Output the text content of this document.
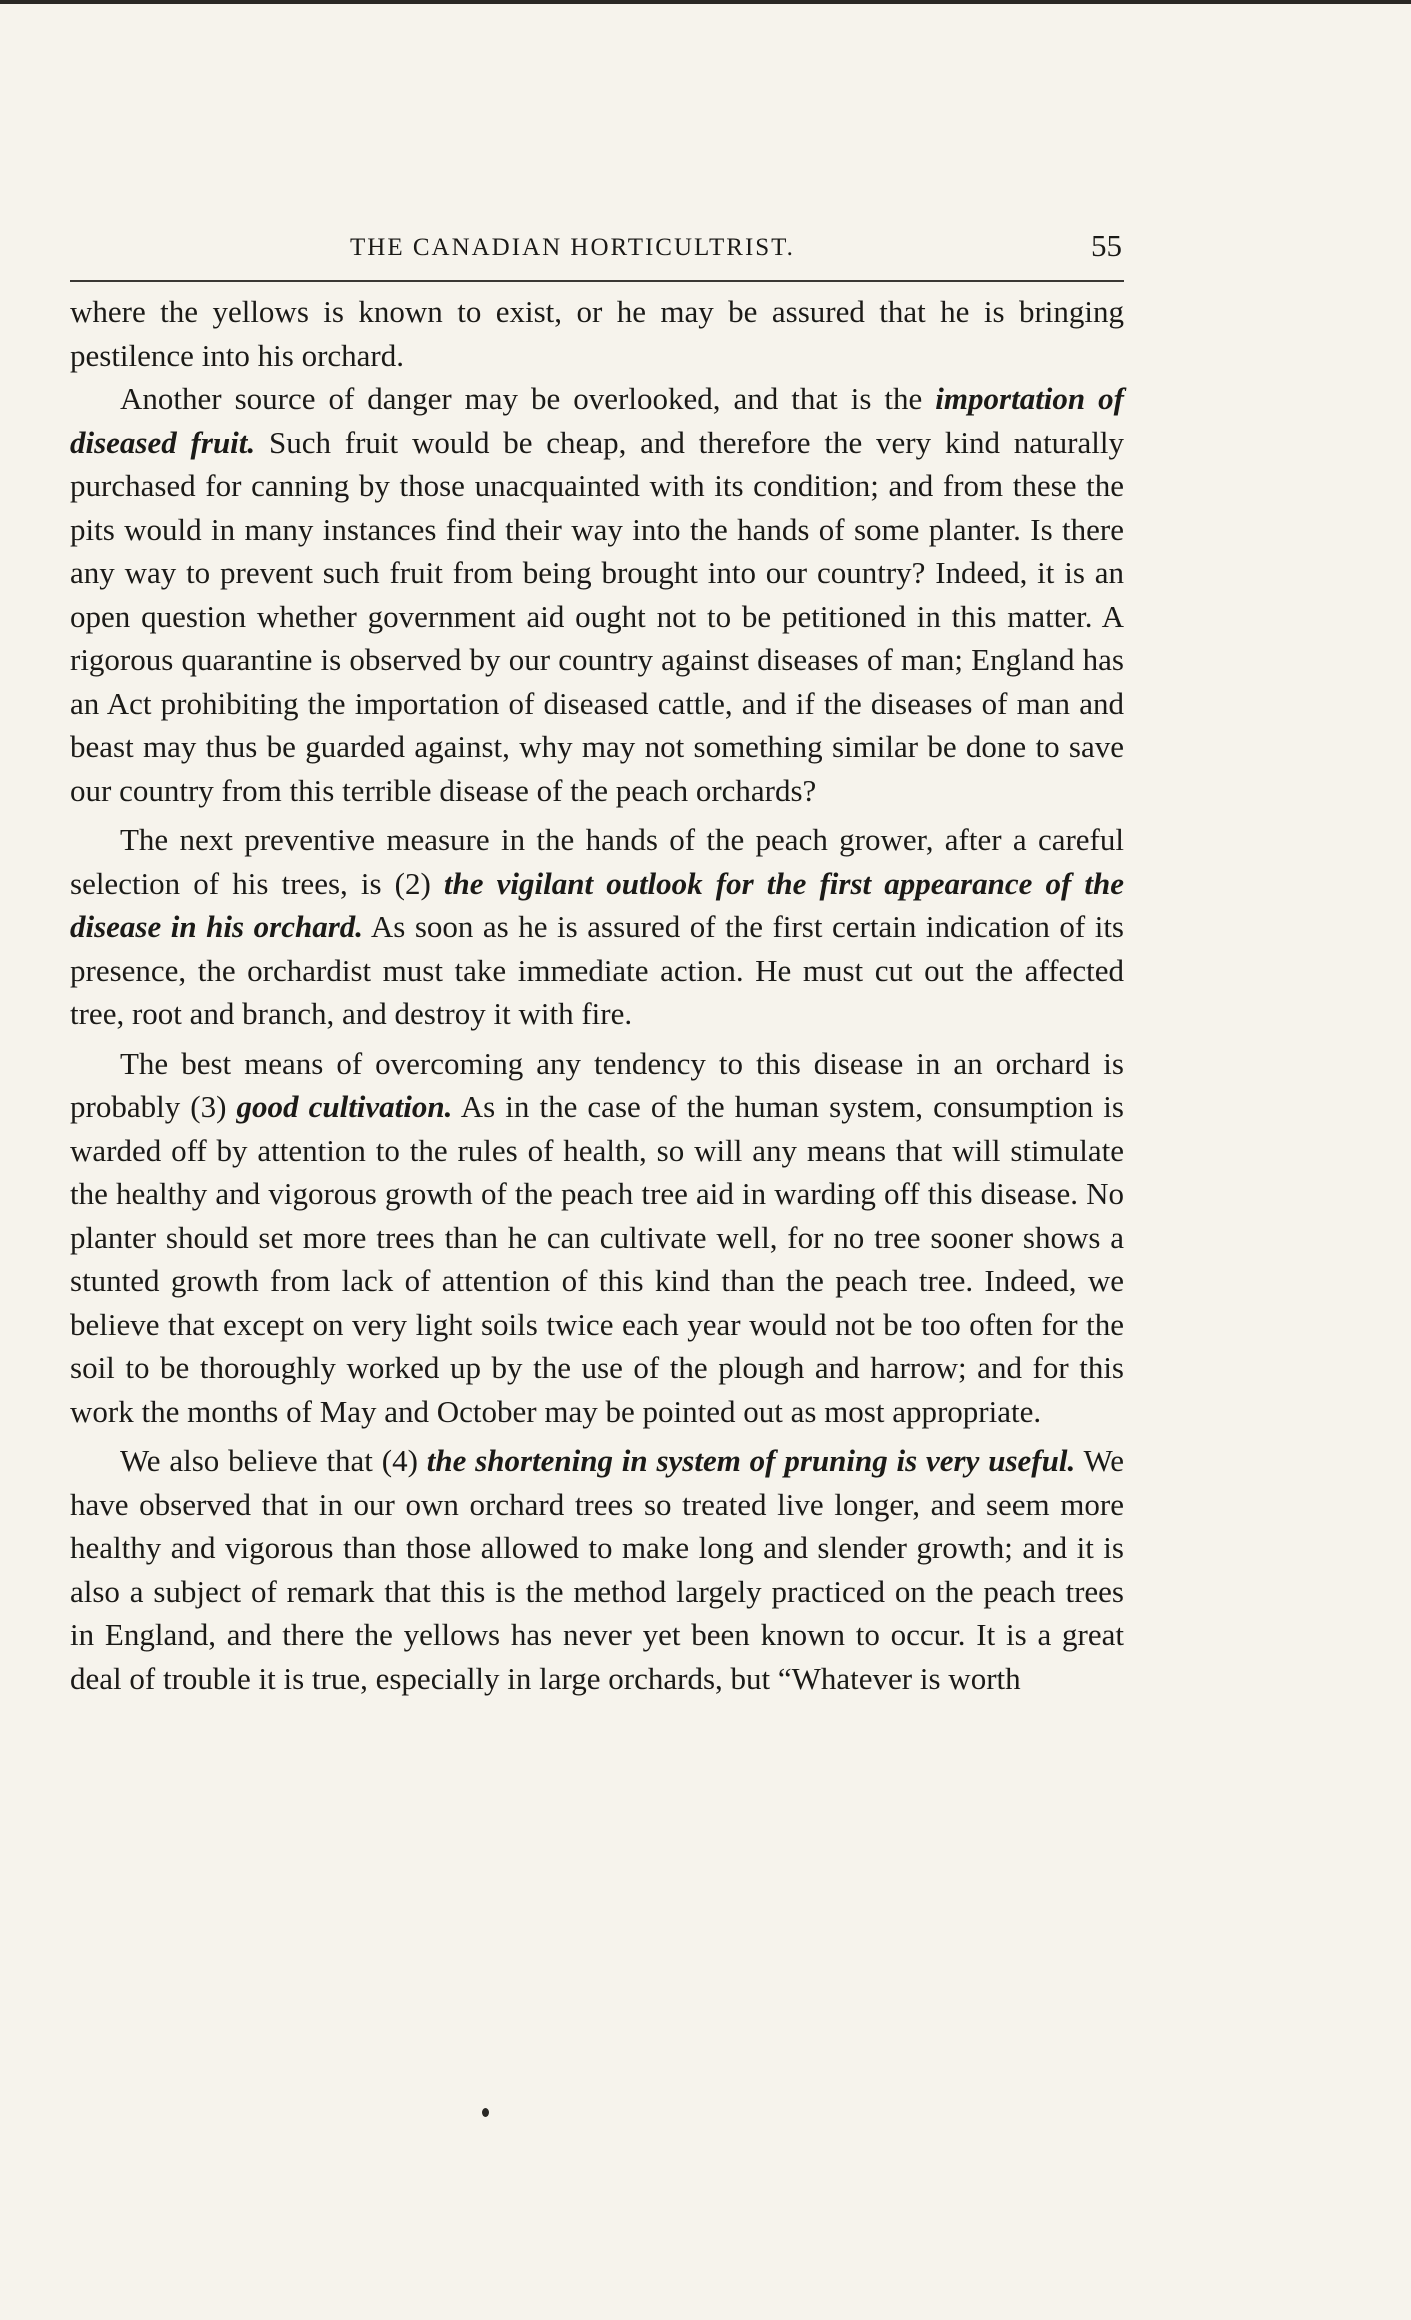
THE CANADIAN HORTICULTRIST.	55

where the yellows is known to exist, or he may be assured that he is bringing pestilence into his orchard.

Another source of danger may be overlooked, and that is the importation of diseased fruit. Such fruit would be cheap, and therefore the very kind naturally purchased for canning by those unacquainted with its condition; and from these the pits would in many instances find their way into the hands of some planter. Is there any way to prevent such fruit from being brought into our country? Indeed, it is an open question whether government aid ought not to be petitioned in this matter. A rigorous quarantine is observed by our country against diseases of man; England has an Act prohibiting the importation of diseased cattle, and if the diseases of man and beast may thus be guarded against, why may not something similar be done to save our country from this terrible disease of the peach orchards?

The next preventive measure in the hands of the peach grower, after a careful selection of his trees, is (2) the vigilant outlook for the first appearance of the disease in his orchard. As soon as he is assured of the first certain indication of its presence, the orchardist must take immediate action. He must cut out the affected tree, root and branch, and destroy it with fire.

The best means of overcoming any tendency to this disease in an orchard is probably (3) good cultivation. As in the case of the human system, consumption is warded off by attention to the rules of health, so will any means that will stimulate the healthy and vigorous growth of the peach tree aid in warding off this disease. No planter should set more trees than he can cultivate well, for no tree sooner shows a stunted growth from lack of attention of this kind than the peach tree. Indeed, we believe that except on very light soils twice each year would not be too often for the soil to be thoroughly worked up by the use of the plough and harrow; and for this work the months of May and October may be pointed out as most appropriate.

We also believe that (4) the shortening in system of pruning is very useful. We have observed that in our own orchard trees so treated live longer, and seem more healthy and vigorous than those allowed to make long and slender growth; and it is also a subject of remark that this is the method largely practiced on the peach trees in England, and there the yellows has never yet been known to occur. It is a great deal of trouble it is true, especially in large orchards, but “Whatever is worth
